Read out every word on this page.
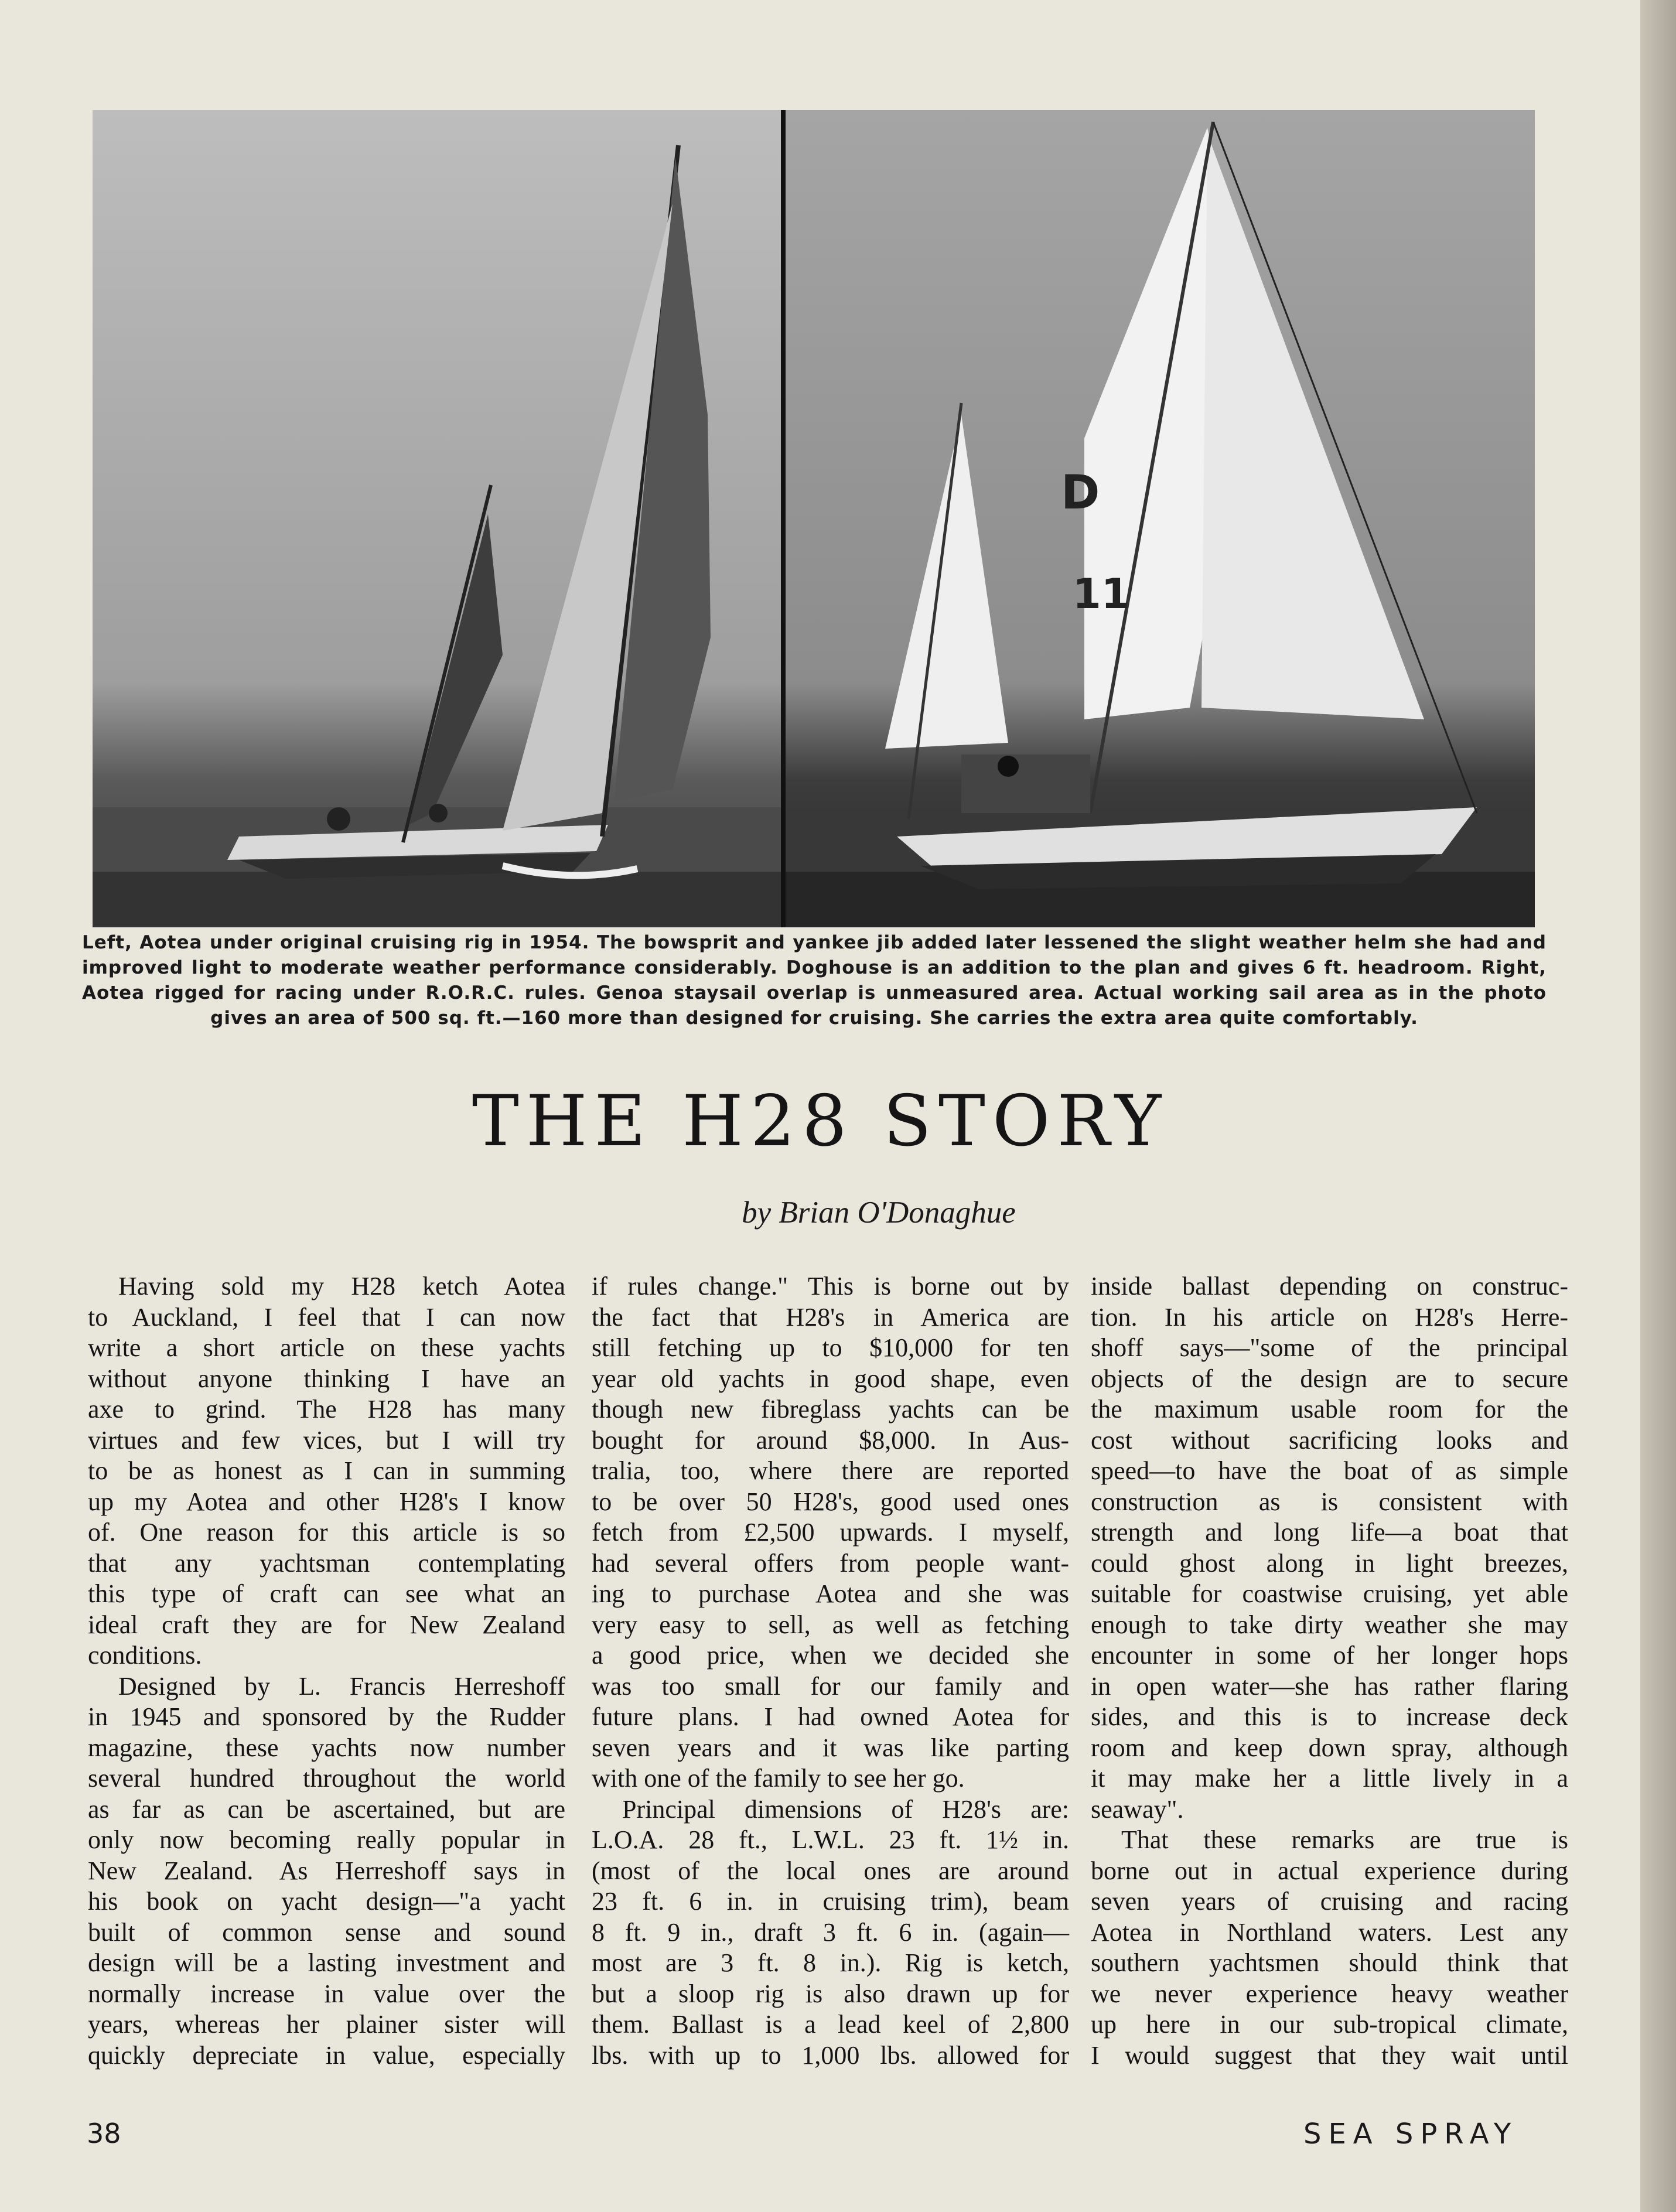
D
11
Left, Aotea under original cruising rig in 1954. The bowsprit and yankee jib added later lessened the slight weather helm she had and improved light to moderate weather performance considerably. Doghouse is an addition to the plan and gives 6 ft. headroom. Right, Aotea rigged for racing under R.O.R.C. rules. Genoa staysail overlap is unmeasured area. Actual working sail area as in the photo gives an area of 500 sq. ft.—160 more than designed for cruising. She carries the extra area quite comfortably.
THE H28 STORY
by Brian O'Donaghue
Having sold my H28 ketch Aotea
to Auckland, I feel that I can now
write a short article on these yachts
without anyone thinking I have an
axe to grind. The H28 has many
virtues and few vices, but I will try
to be as honest as I can in summing
up my Aotea and other H28's I know
of. One reason for this article is so
that any yachtsman contemplating
this type of craft can see what an
ideal craft they are for New Zealand
conditions.
Designed by L. Francis Herreshoff
in 1945 and sponsored by the Rudder
magazine, these yachts now number
several hundred throughout the world
as far as can be ascertained, but are
only now becoming really popular in
New Zealand. As Herreshoff says in
his book on yacht design—"a yacht
built of common sense and sound
design will be a lasting investment and
normally increase in value over the
years, whereas her plainer sister will
quickly depreciate in value, especially
if rules change." This is borne out by
the fact that H28's in America are
still fetching up to $10,000 for ten
year old yachts in good shape, even
though new fibreglass yachts can be
bought for around $8,000. In Aus-
tralia, too, where there are reported
to be over 50 H28's, good used ones
fetch from £2,500 upwards. I myself,
had several offers from people want-
ing to purchase Aotea and she was
very easy to sell, as well as fetching
a good price, when we decided she
was too small for our family and
future plans. I had owned Aotea for
seven years and it was like parting
with one of the family to see her go.
Principal dimensions of H28's are:
L.O.A. 28 ft., L.W.L. 23 ft. 1½ in.
(most of the local ones are around
23 ft. 6 in. in cruising trim), beam
8 ft. 9 in., draft 3 ft. 6 in. (again—
most are 3 ft. 8 in.). Rig is ketch,
but a sloop rig is also drawn up for
them. Ballast is a lead keel of 2,800
lbs. with up to 1,000 lbs. allowed for
inside ballast depending on construc-
tion. In his article on H28's Herre-
shoff says—"some of the principal
objects of the design are to secure
the maximum usable room for the
cost without sacrificing looks and
speed—to have the boat of as simple
construction as is consistent with
strength and long life—a boat that
could ghost along in light breezes,
suitable for coastwise cruising, yet able
enough to take dirty weather she may
encounter in some of her longer hops
in open water—she has rather flaring
sides, and this is to increase deck
room and keep down spray, although
it may make her a little lively in a
seaway".
That these remarks are true is
borne out in actual experience during
seven years of cruising and racing
Aotea in Northland waters. Lest any
southern yachtsmen should think that
we never experience heavy weather
up here in our sub-tropical climate,
I would suggest that they wait until
38	SEA SPRAY
